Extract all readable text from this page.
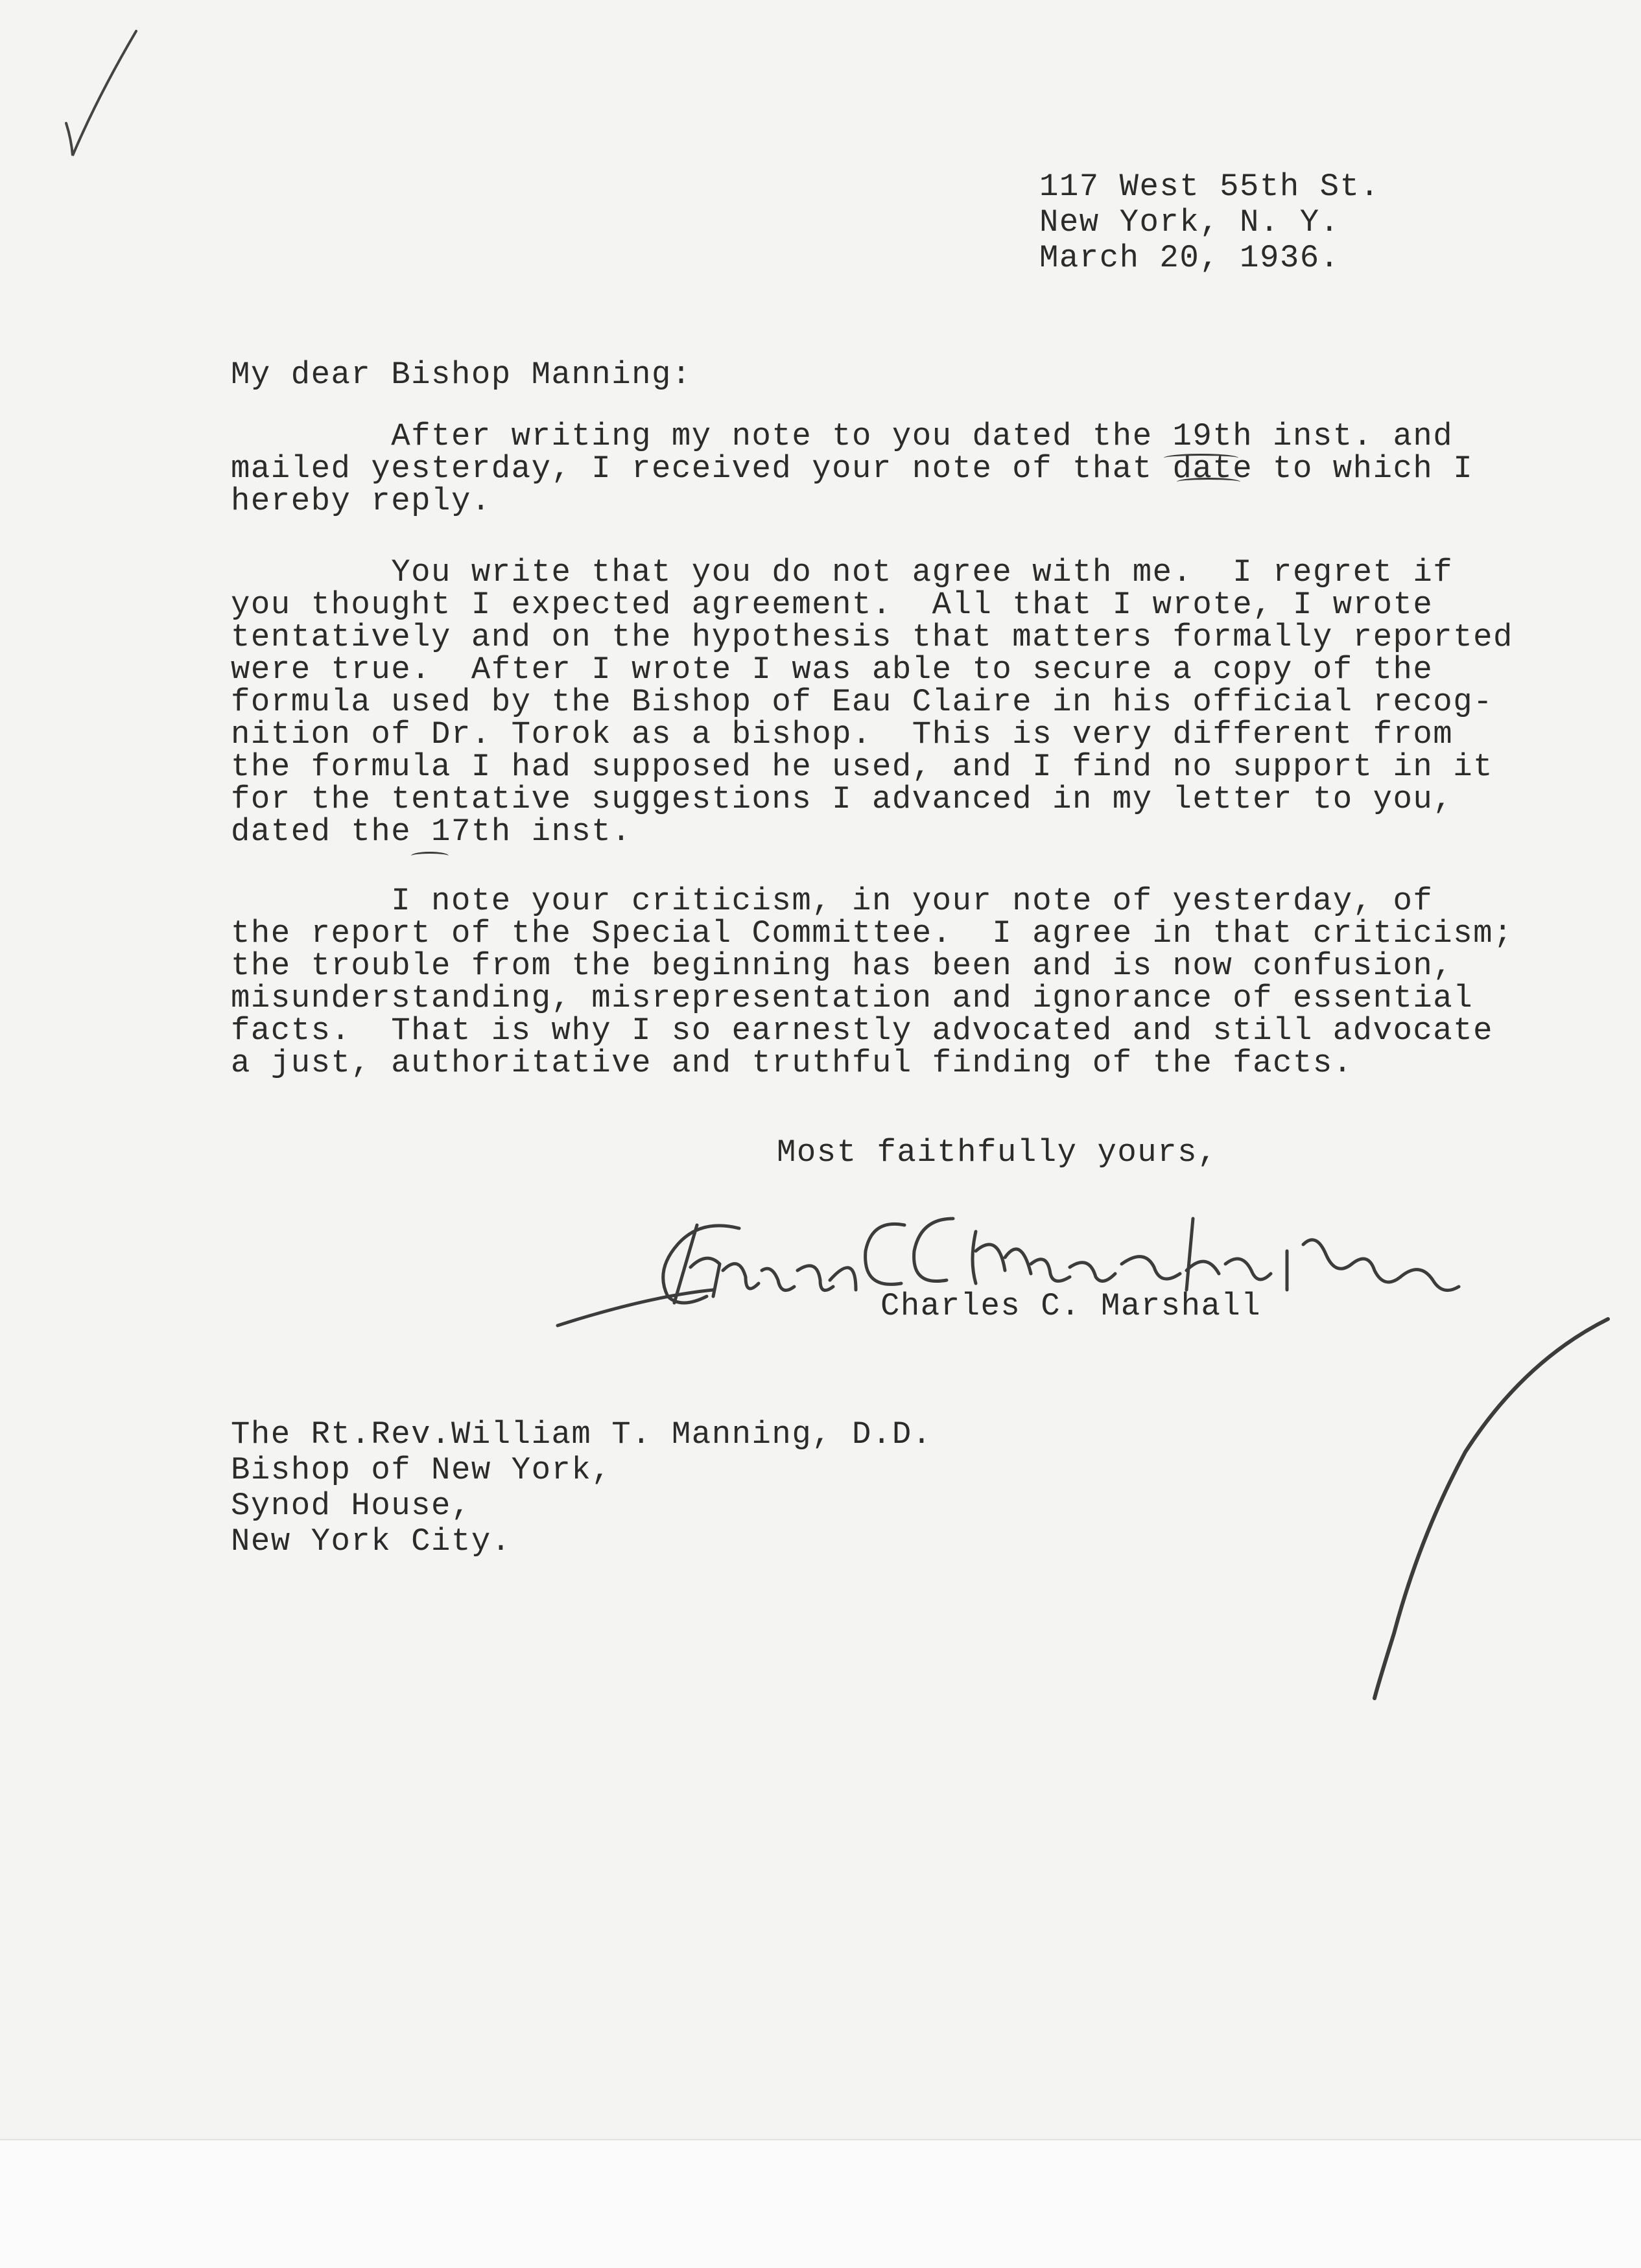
117 West 55th St.
New York, N. Y.
March 20, 1936.
My dear Bishop Manning:
After writing my note to you dated the 19th inst. and
mailed yesterday, I received your note of that date to which I
hereby reply.
You write that you do not agree with me.  I regret if
you thought I expected agreement.  All that I wrote, I wrote
tentatively and on the hypothesis that matters formally reported
were true.  After I wrote I was able to secure a copy of the
formula used by the Bishop of Eau Claire in his official recog-
nition of Dr. Torok as a bishop.  This is very different from
the formula I had supposed he used, and I find no support in it
for the tentative suggestions I advanced in my letter to you,
dated the 17th inst.
I note your criticism, in your note of yesterday, of
the report of the Special Committee.  I agree in that criticism;
the trouble from the beginning has been and is now confusion,
misunderstanding, misrepresentation and ignorance of essential
facts.  That is why I so earnestly advocated and still advocate
a just, authoritative and truthful finding of the facts.
Most faithfully yours,
Charles C. Marshall
The Rt.Rev.William T. Manning, D.D.
Bishop of New York,
Synod House,
New York City.
